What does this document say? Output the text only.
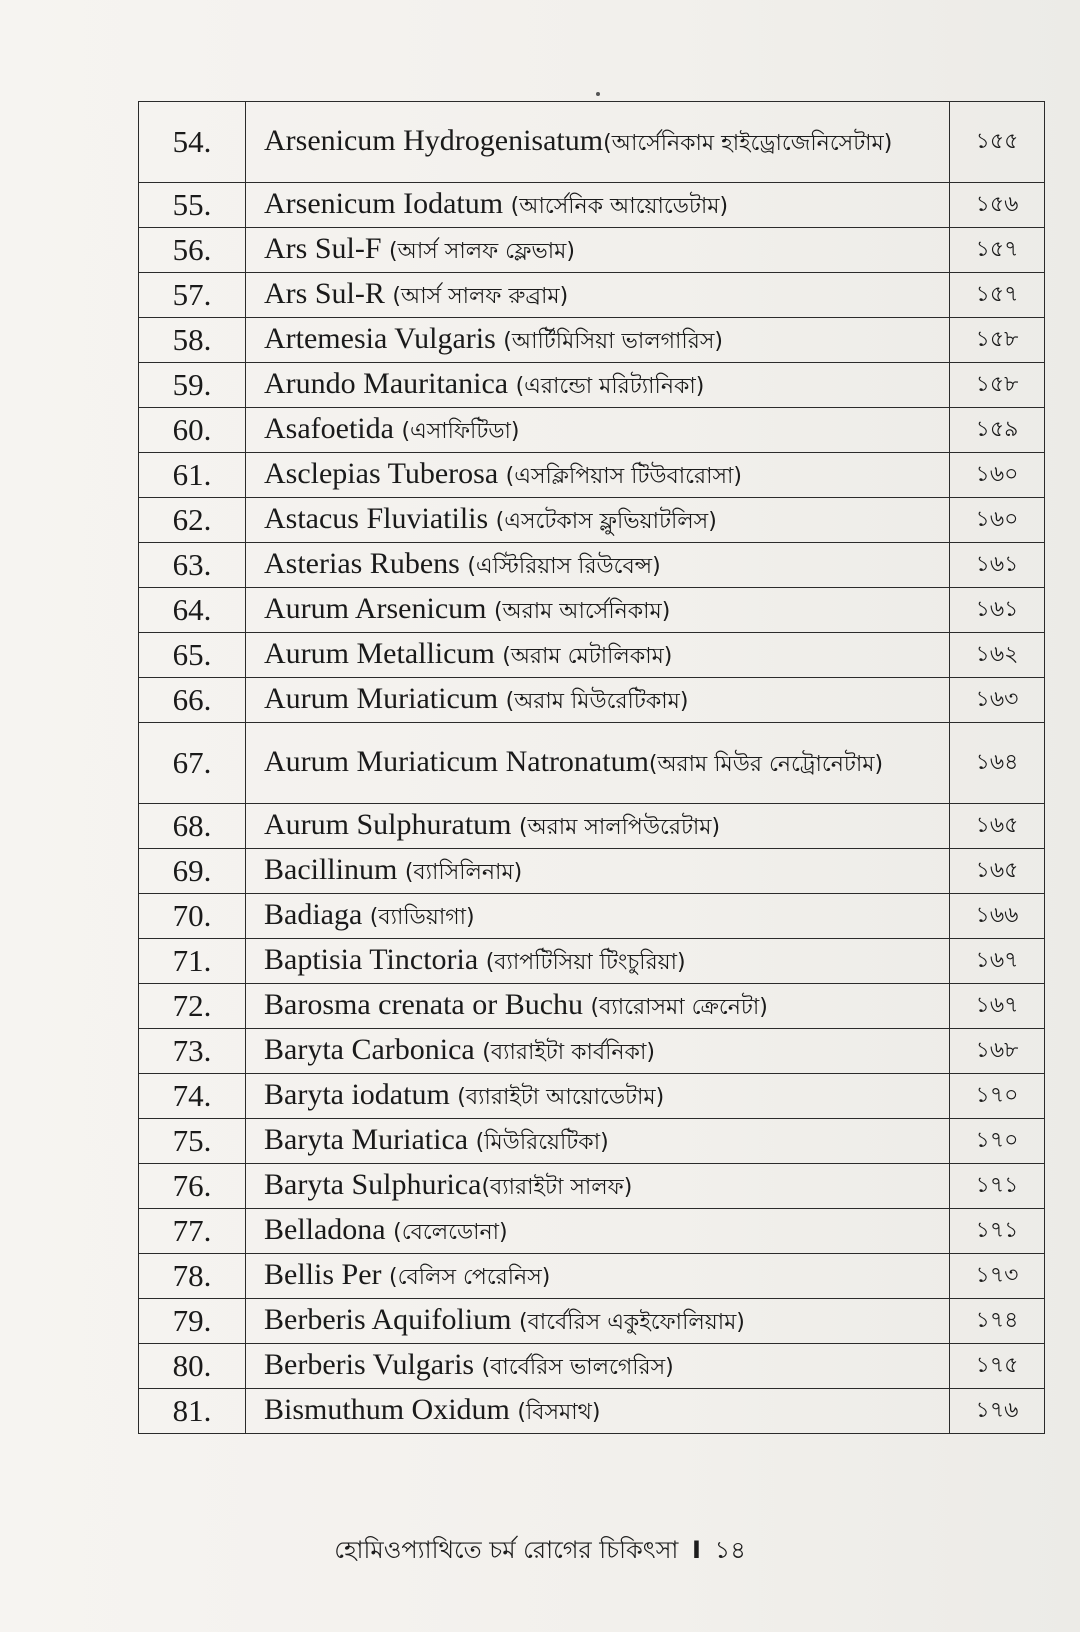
54.	Arsenicum Hydrogenisatum(আর্সেনিকাম হাইড্রোজেনিসেটাম)	১৫৫
55.	Arsenicum Iodatum (আর্সেনিক আয়োডেটাম)	১৫৬
56.	Ars Sul-F (আর্স সালফ ফ্লেভাম)	১৫৭
57.	Ars Sul-R (আর্স সালফ রুব্রাম)	১৫৭
58.	Artemesia Vulgaris (আর্টিমিসিয়া ভালগারিস)	১৫৮
59.	Arundo Mauritanica (এরান্ডো মরিট্যানিকা)	১৫৮
60.	Asafoetida (এসাফিটিডা)	১৫৯
61.	Asclepias Tuberosa (এসক্লিপিয়াস টিউবারোসা)	১৬০
62.	Astacus Fluviatilis (এসটেকাস ফ্লুভিয়াটলিস)	১৬০
63.	Asterias Rubens (এস্টিরিয়াস রিউবেন্স)	১৬১
64.	Aurum Arsenicum (অরাম আর্সেনিকাম)	১৬১
65.	Aurum Metallicum (অরাম মেটালিকাম)	১৬২
66.	Aurum Muriaticum (অরাম মিউরেটিকাম)	১৬৩
67.	Aurum Muriaticum Natronatum(অরাম মিউর নেট্রোনেটাম)	১৬৪
68.	Aurum Sulphuratum (অরাম সালপিউরেটাম)	১৬৫
69.	Bacillinum (ব্যাসিলিনাম)	১৬৫
70.	Badiaga (ব্যাডিয়াগা)	১৬৬
71.	Baptisia Tinctoria (ব্যাপটিসিয়া টিংচুরিয়া)	১৬৭
72.	Barosma crenata or Buchu (ব্যারোসমা ক্রেনেটা)	১৬৭
73.	Baryta Carbonica (ব্যারাইটা কার্বনিকা)	১৬৮
74.	Baryta iodatum (ব্যারাইটা আয়োডেটাম)	১৭০
75.	Baryta Muriatica (মিউরিয়েটিকা)	১৭০
76.	Baryta Sulphurica(ব্যারাইটা সালফ)	১৭১
77.	Belladona (বেলেডোনা)	১৭১
78.	Bellis Per (বেলিস পেরেনিস)	১৭৩
79.	Berberis Aquifolium (বার্বেরিস একুইফোলিয়াম)	১৭৪
80.	Berberis Vulgaris (বার্বেরিস ভালগেরিস)	১৭৫
81.	Bismuthum Oxidum (বিসমাথ)	১৭৬
হোমিওপ্যাথিতে চর্ম রোগের চিকিৎসা I ১৪
